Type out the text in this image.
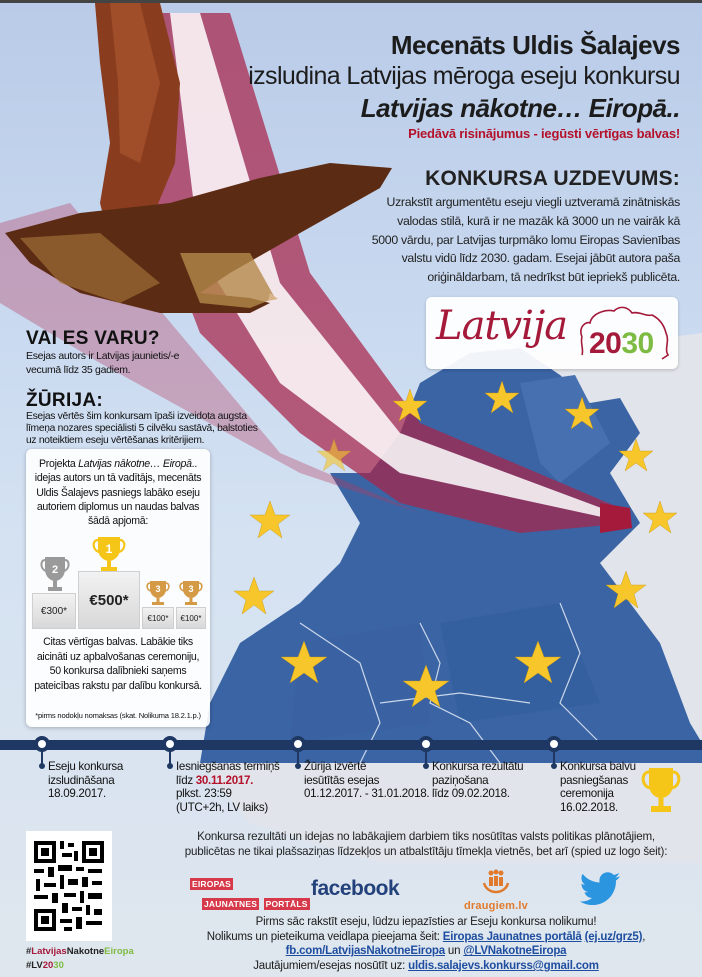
Mecenāts Uldis Šalajevs
izsludina Latvijas mēroga eseju konkursu
Latvijas nākotne… Eiropā..
Piedāvā risinājumus - iegūsti vērtīgas balvas!
KONKURSA UZDEVUMS:
Uzrakstīt argumentētu eseju viegli uztveramā zinātniskās
valodas stilā, kurā ir ne mazāk kā 3000 un ne vairāk kā
5000 vārdu, par Latvijas turpmāko lomu Eiropas Savienības
valstu vidū līdz 2030. gadam. Esejai jābūt autora paša
oriģināldarbam, tā nedrīkst būt iepriekš publicēta.
Latvija 2030
VAI ES VARU?
Esejas autors ir Latvijas jaunietis/-e
vecumā līdz 35 gadiem.
ŽŪRIJA:
Esejas vērtēs šim konkursam īpaši izveidota augsta
līmeņa nozares speciālisti 5 cilvēku sastāvā, balstoties
uz noteiktiem eseju vērtēšanas kritērijiem.
Projekta Latvijas nākotne… Eiropā.. idejas autors un tā vadītājs, mecenāts Uldis Šalajevs pasniegs labāko eseju autoriem diplomus un naudas balvas šādā apjomā:
2
1
3	3
€300*
€500*
€100*	€100*
Citas vērtīgas balvas. Labākie tiks aicināti uz apbalvošanas ceremoniju, 50 konkursa dalībnieki saņems pateicības rakstu par dalību konkursā.
*pirms nodokļu nomaksas (skat. Nolikuma 18.2.1.p.)
Eseju konkursa
izsludināšana
18.09.2017.
Iesniegšanas termiņš
līdz 30.11.2017.
plkst. 23:59
(UTC+2h, LV laiks)
Žūrija izvērtē
iesūtītās esejas
01.12.2017. - 31.01.2018.
Konkursa rezultātu
paziņošana
līdz 09.02.2018.
Konkursa balvu
pasniegšanas
ceremonija
16.02.2018.
Konkursa rezultāti un idejas no labākajiem darbiem tiks nosūtītas valsts politikas plānotājiem,
publicētas ne tikai plašsaziņas līdzekļos un atbalstītāju tīmekļa vietnēs, bet arī (spied uz logo šeit):
#LatvijasNakotneEiropa
#LV2030
EIROPAS
JAUNATNES PORTĀLS
facebook
draugiem.lv
Pirms sāc rakstīt eseju, lūdzu iepazīsties ar Eseju konkursa nolikumu!
Nolikums un pieteikuma veidlapa pieejama šeit: Eiropas Jaunatnes portālā (ej.uz/grz5),
fb.com/LatvijasNakotneEiropa un @LVNakotneEiropa
Jautājumiem/esejas nosūtīt uz: uldis.salajevs.konkurss@gmail.com
